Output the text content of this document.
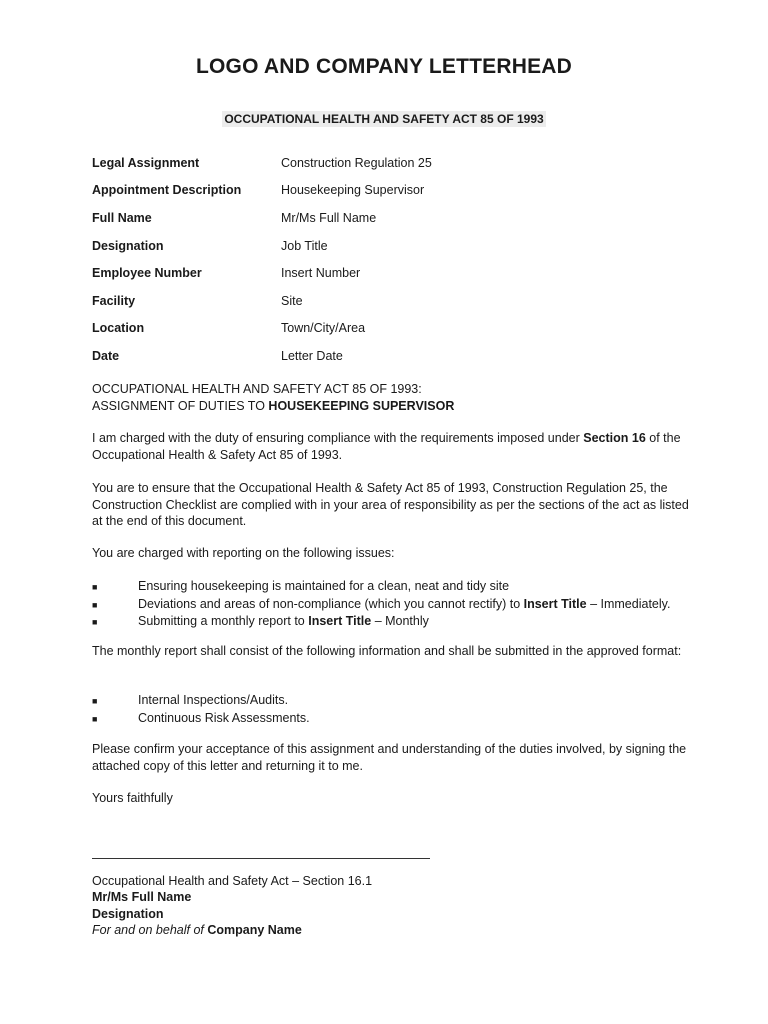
LOGO AND COMPANY LETTERHEAD
OCCUPATIONAL HEALTH AND SAFETY ACT 85 OF 1993
Legal Assignment	Construction Regulation 25
Appointment Description	Housekeeping Supervisor
Full Name	Mr/Ms Full Name
Designation	Job Title
Employee Number	Insert Number
Facility	Site
Location	Town/City/Area
Date	Letter Date

OCCUPATIONAL HEALTH AND SAFETY ACT 85 OF 1993:

ASSIGNMENT OF DUTIES TO HOUSEKEEPING SUPERVISOR

I am charged with the duty of ensuring compliance with the requirements imposed under Section 16 of the Occupational Health & Safety Act 85 of 1993.

You are to ensure that the Occupational Health & Safety Act 85 of 1993, Construction Regulation 25, the Construction Checklist are complied with in your area of responsibility as per the sections of the act as listed at the end of this document.

You are charged with reporting on the following issues:

■	Ensuring housekeeping is maintained for a clean, neat and tidy site
■	Deviations and areas of non-compliance (which you cannot rectify) to Insert Title – Immediately.
■	Submitting a monthly report to Insert Title – Monthly

The monthly report shall consist of the following information and shall be submitted in the approved format:

■	Internal Inspections/Audits.
■	Continuous Risk Assessments.

Please confirm your acceptance of this assignment and understanding of the duties involved, by signing the attached copy of this letter and returning it to me.

Yours faithfully

Occupational Health and Safety Act – Section 16.1
Mr/Ms Full Name
Designation
For and on behalf of Company Name
